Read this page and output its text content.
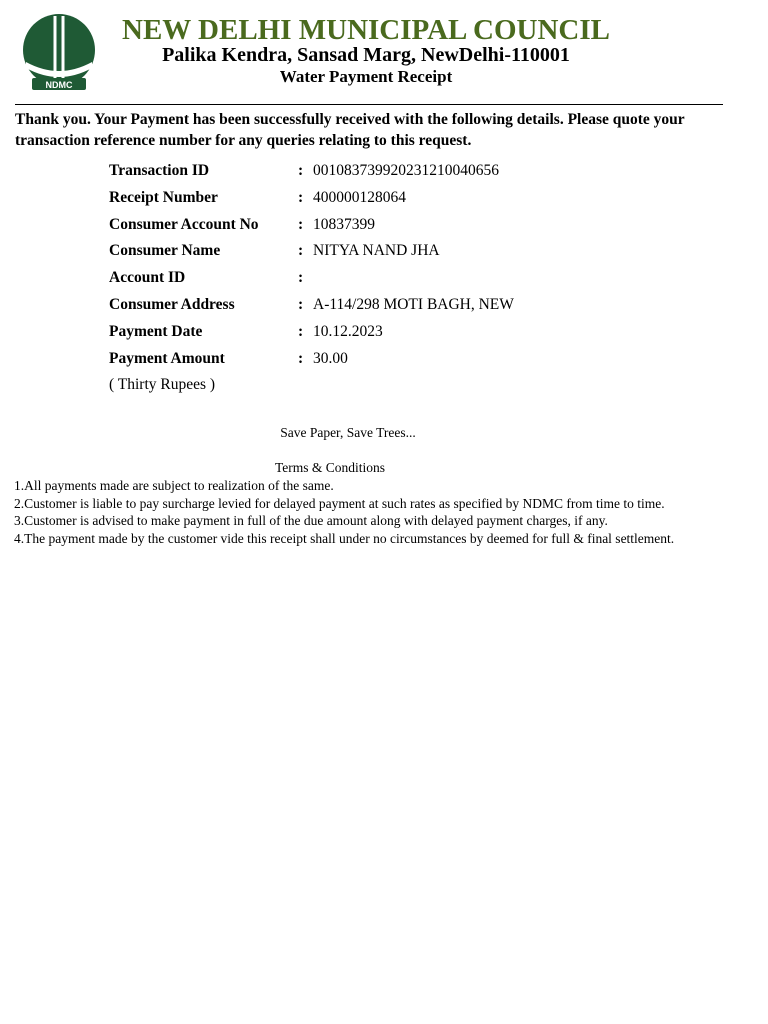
NDMC
NEW DELHI MUNICIPAL COUNCIL
Palika Kendra, Sansad Marg, NewDelhi-110001
Water Payment Receipt
Thank you. Your Payment has been successfully received with the following details. Please quote your transaction reference number for any queries relating to this request.
Transaction ID	: 001083739920231210040656
Receipt Number	: 400000128064
Consumer Account No	: 10837399
Consumer Name	: NITYA NAND JHA
Account ID	:
Consumer Address	: A-114/298 MOTI BAGH, NEW
Payment Date	: 10.12.2023
Payment Amount	: 30.00
( Thirty Rupees )
Save Paper, Save Trees...
Terms & Conditions
1.All payments made are subject to realization of the same.
2.Customer is liable to pay surcharge levied for delayed payment at such rates as specified by NDMC from time to time.
3.Customer is advised to make payment in full of the due amount along with delayed payment charges, if any.
4.The payment made by the customer vide this receipt shall under no circumstances by deemed for full & final settlement.
